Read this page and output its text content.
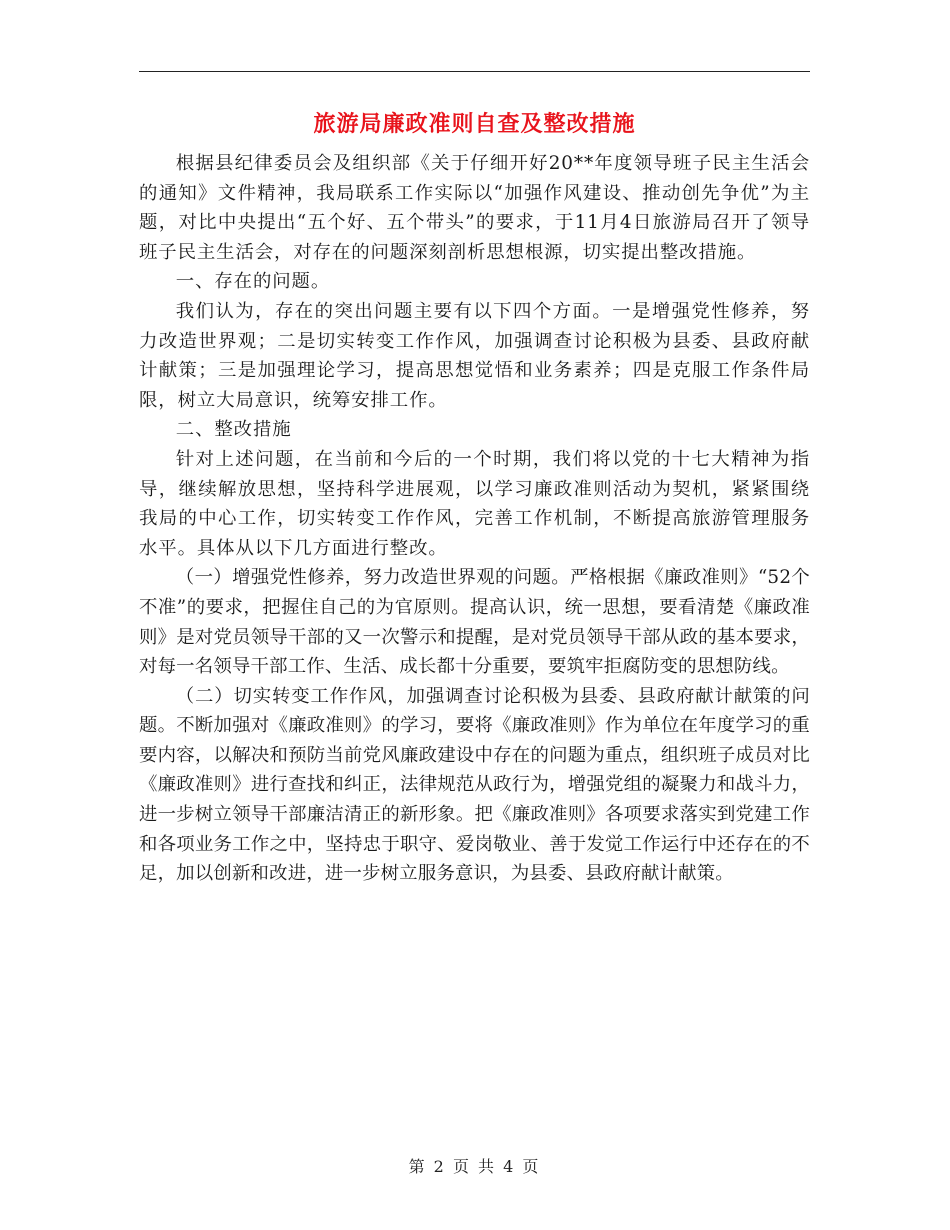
旅游局廉政准则自查及整改措施

根据县纪律委员会及组织部《关于仔细开好20**年度领导班子民主生活会的通知》文件精神，我局联系工作实际以“加强作风建设、推动创先争优”为主题，对比中央提出“五个好、五个带头”的要求，于11月4日旅游局召开了领导班子民主生活会，对存在的问题深刻剖析思想根源，切实提出整改措施。

一、存在的问题。

我们认为，存在的突出问题主要有以下四个方面。一是增强党性修养，努力改造世界观；二是切实转变工作作风，加强调查讨论积极为县委、县政府献计献策；三是加强理论学习，提高思想觉悟和业务素养；四是克服工作条件局限，树立大局意识，统筹安排工作。

二、整改措施

针对上述问题，在当前和今后的一个时期，我们将以党的十七大精神为指导，继续解放思想，坚持科学进展观，以学习廉政准则活动为契机，紧紧围绕我局的中心工作，切实转变工作作风，完善工作机制，不断提高旅游管理服务水平。具体从以下几方面进行整改。

（一）增强党性修养，努力改造世界观的问题。严格根据《廉政准则》“52个不准”的要求，把握住自己的为官原则。提高认识，统一思想，要看清楚《廉政准则》是对党员领导干部的又一次警示和提醒，是对党员领导干部从政的基本要求，对每一名领导干部工作、生活、成长都十分重要，要筑牢拒腐防变的思想防线。

（二）切实转变工作作风，加强调查讨论积极为县委、县政府献计献策的问题。不断加强对《廉政准则》的学习，要将《廉政准则》作为单位在年度学习的重要内容，以解决和预防当前党风廉政建设中存在的问题为重点，组织班子成员对比《廉政准则》进行查找和纠正，法律规范从政行为，增强党组的凝聚力和战斗力，进一步树立领导干部廉洁清正的新形象。把《廉政准则》各项要求落实到党建工作和各项业务工作之中，坚持忠于职守、爱岗敬业、善于发觉工作运行中还存在的不足，加以创新和改进，进一步树立服务意识，为县委、县政府献计献策。

第 2 页 共 4 页
